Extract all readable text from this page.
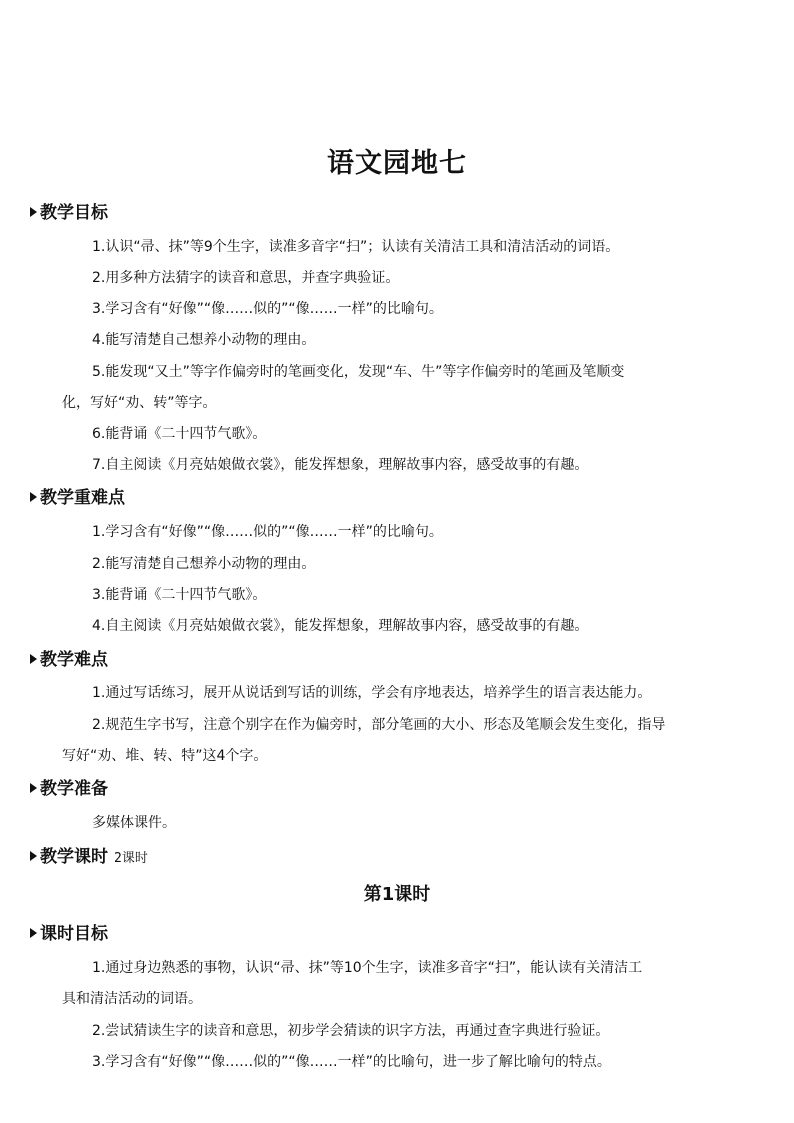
语文园地七
教学目标
1.认识“帚、抹”等9个生字，读准多音字“扫”；认读有关清洁工具和清洁活动的词语。
2.用多种方法猜字的读音和意思，并查字典验证。
3.学习含有“好像”“像……似的”“像……一样”的比喻句。
4.能写清楚自己想养小动物的理由。
5.能发现“又土”等字作偏旁时的笔画变化，发现“车、牛”等字作偏旁时的笔画及笔顺变
化，写好“劝、转”等字。
6.能背诵《二十四节气歌》。
7.自主阅读《月亮姑娘做衣裳》，能发挥想象，理解故事内容，感受故事的有趣。
教学重难点
1.学习含有“好像”“像……似的”“像……一样”的比喻句。
2.能写清楚自己想养小动物的理由。
3.能背诵《二十四节气歌》。
4.自主阅读《月亮姑娘做衣裳》，能发挥想象，理解故事内容，感受故事的有趣。
教学难点
1.通过写话练习，展开从说话到写话的训练，学会有序地表达，培养学生的语言表达能力。
2.规范生字书写，注意个别字在作为偏旁时，部分笔画的大小、形态及笔顺会发生变化，指导
写好“劝、堆、转、特”这4个字。
教学准备
多媒体课件。
教学课时 2课时
第1课时
课时目标
1.通过身边熟悉的事物，认识“帚、抹”等10个生字，读准多音字“扫”，能认读有关清洁工
具和清洁活动的词语。
2.尝试猜读生字的读音和意思，初步学会猜读的识字方法，再通过查字典进行验证。
3.学习含有“好像”“像……似的”“像……一样”的比喻句，进一步了解比喻句的特点。
